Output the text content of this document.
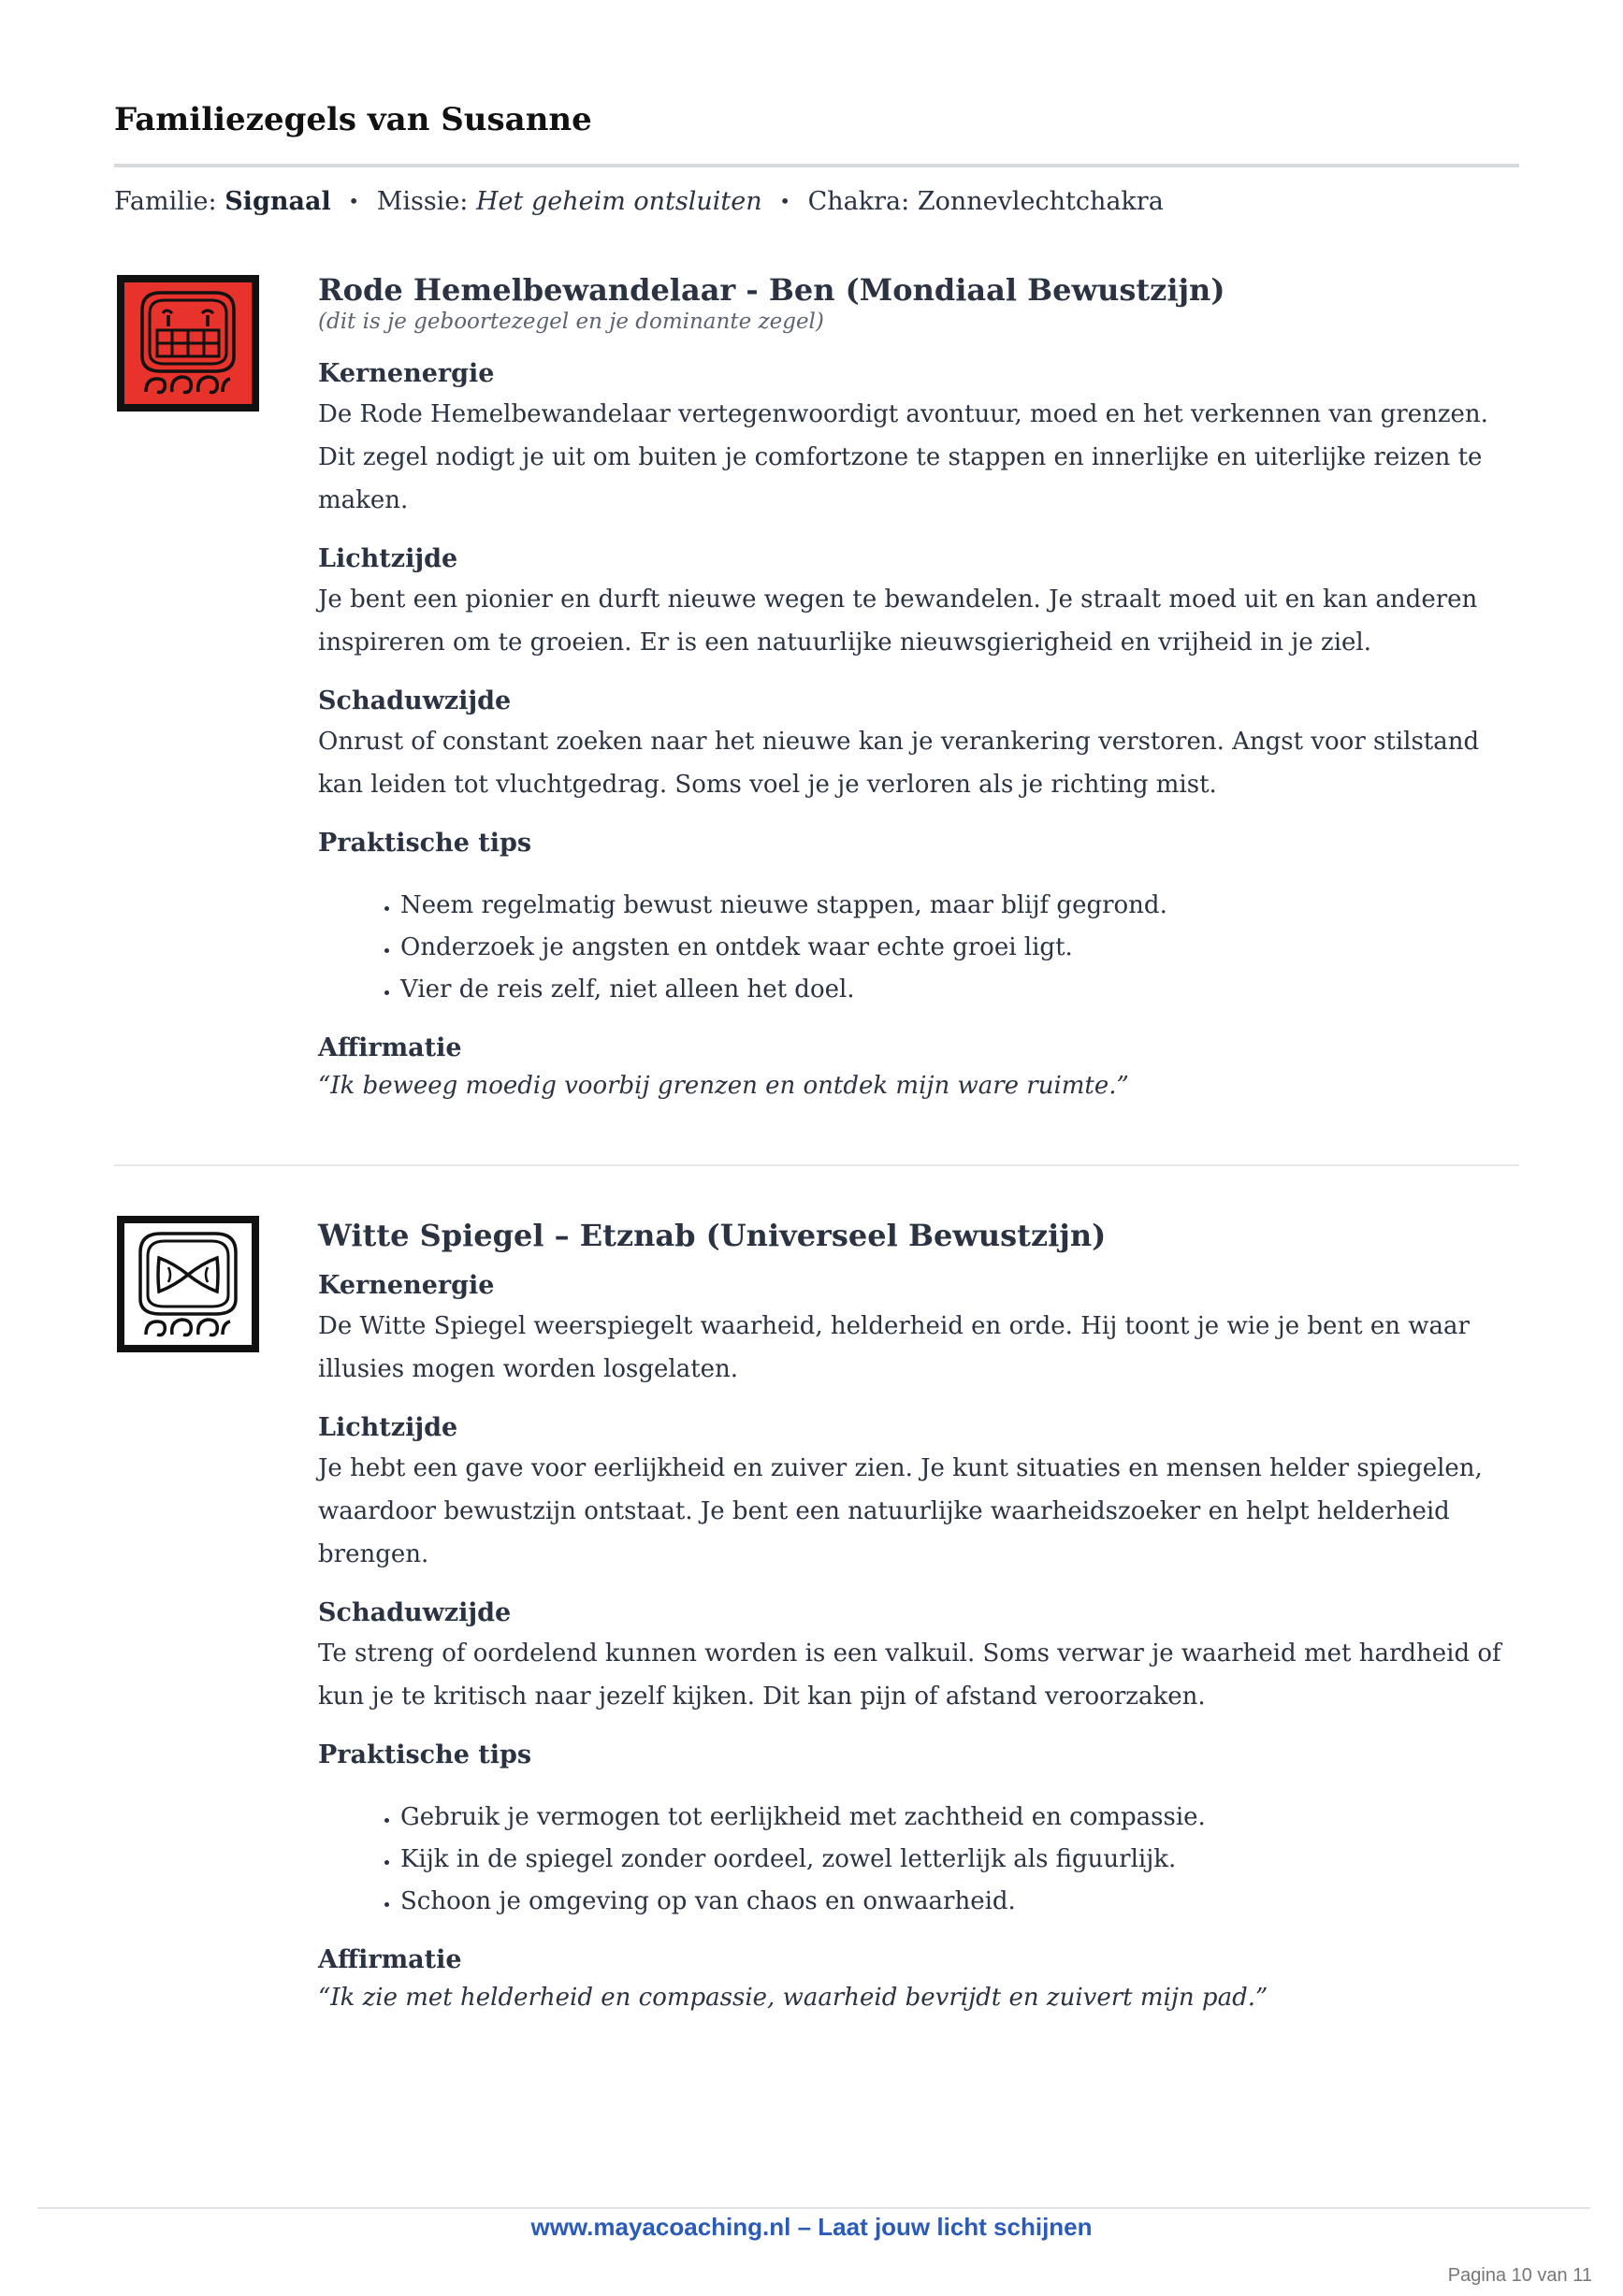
Familiezegels van Susanne
Familie: Signaal • Missie: Het geheim ontsluiten • Chakra: Zonnevlechtchakra
Rode Hemelbewandelaar - Ben (Mondiaal Bewustzijn)

(dit is je geboortezegel en je dominante zegel)

Kernenergie

De Rode Hemelbewandelaar vertegenwoordigt avontuur, moed en het verkennen van grenzen. Dit zegel nodigt je uit om buiten je comfortzone te stappen en innerlijke en uiterlijke reizen te maken.

Lichtzijde

Je bent een pionier en durft nieuwe wegen te bewandelen. Je straalt moed uit en kan anderen inspireren om te groeien. Er is een natuurlijke nieuwsgierigheid en vrijheid in je ziel.

Schaduwzijde

Onrust of constant zoeken naar het nieuwe kan je verankering verstoren. Angst voor stilstand kan leiden tot vluchtgedrag. Soms voel je je verloren als je richting mist.

Praktische tips

• Neem regelmatig bewust nieuwe stappen, maar blijf gegrond.
• Onderzoek je angsten en ontdek waar echte groei ligt.
• Vier de reis zelf, niet alleen het doel.

Affirmatie

“Ik beweeg moedig voorbij grenzen en ontdek mijn ware ruimte.”

Witte Spiegel – Etznab (Universeel Bewustzijn)

Kernenergie

De Witte Spiegel weerspiegelt waarheid, helderheid en orde. Hij toont je wie je bent en waar illusies mogen worden losgelaten.

Lichtzijde

Je hebt een gave voor eerlijkheid en zuiver zien. Je kunt situaties en mensen helder spiegelen, waardoor bewustzijn ontstaat. Je bent een natuurlijke waarheidszoeker en helpt helderheid brengen.

Schaduwzijde

Te streng of oordelend kunnen worden is een valkuil. Soms verwar je waarheid met hardheid of kun je te kritisch naar jezelf kijken. Dit kan pijn of afstand veroorzaken.

Praktische tips

• Gebruik je vermogen tot eerlijkheid met zachtheid en compassie.
• Kijk in de spiegel zonder oordeel, zowel letterlijk als figuurlijk.
• Schoon je omgeving op van chaos en onwaarheid.

Affirmatie

“Ik zie met helderheid en compassie, waarheid bevrijdt en zuivert mijn pad.”

www.mayacoaching.nl – Laat jouw licht schijnen
Pagina 10 van 11
